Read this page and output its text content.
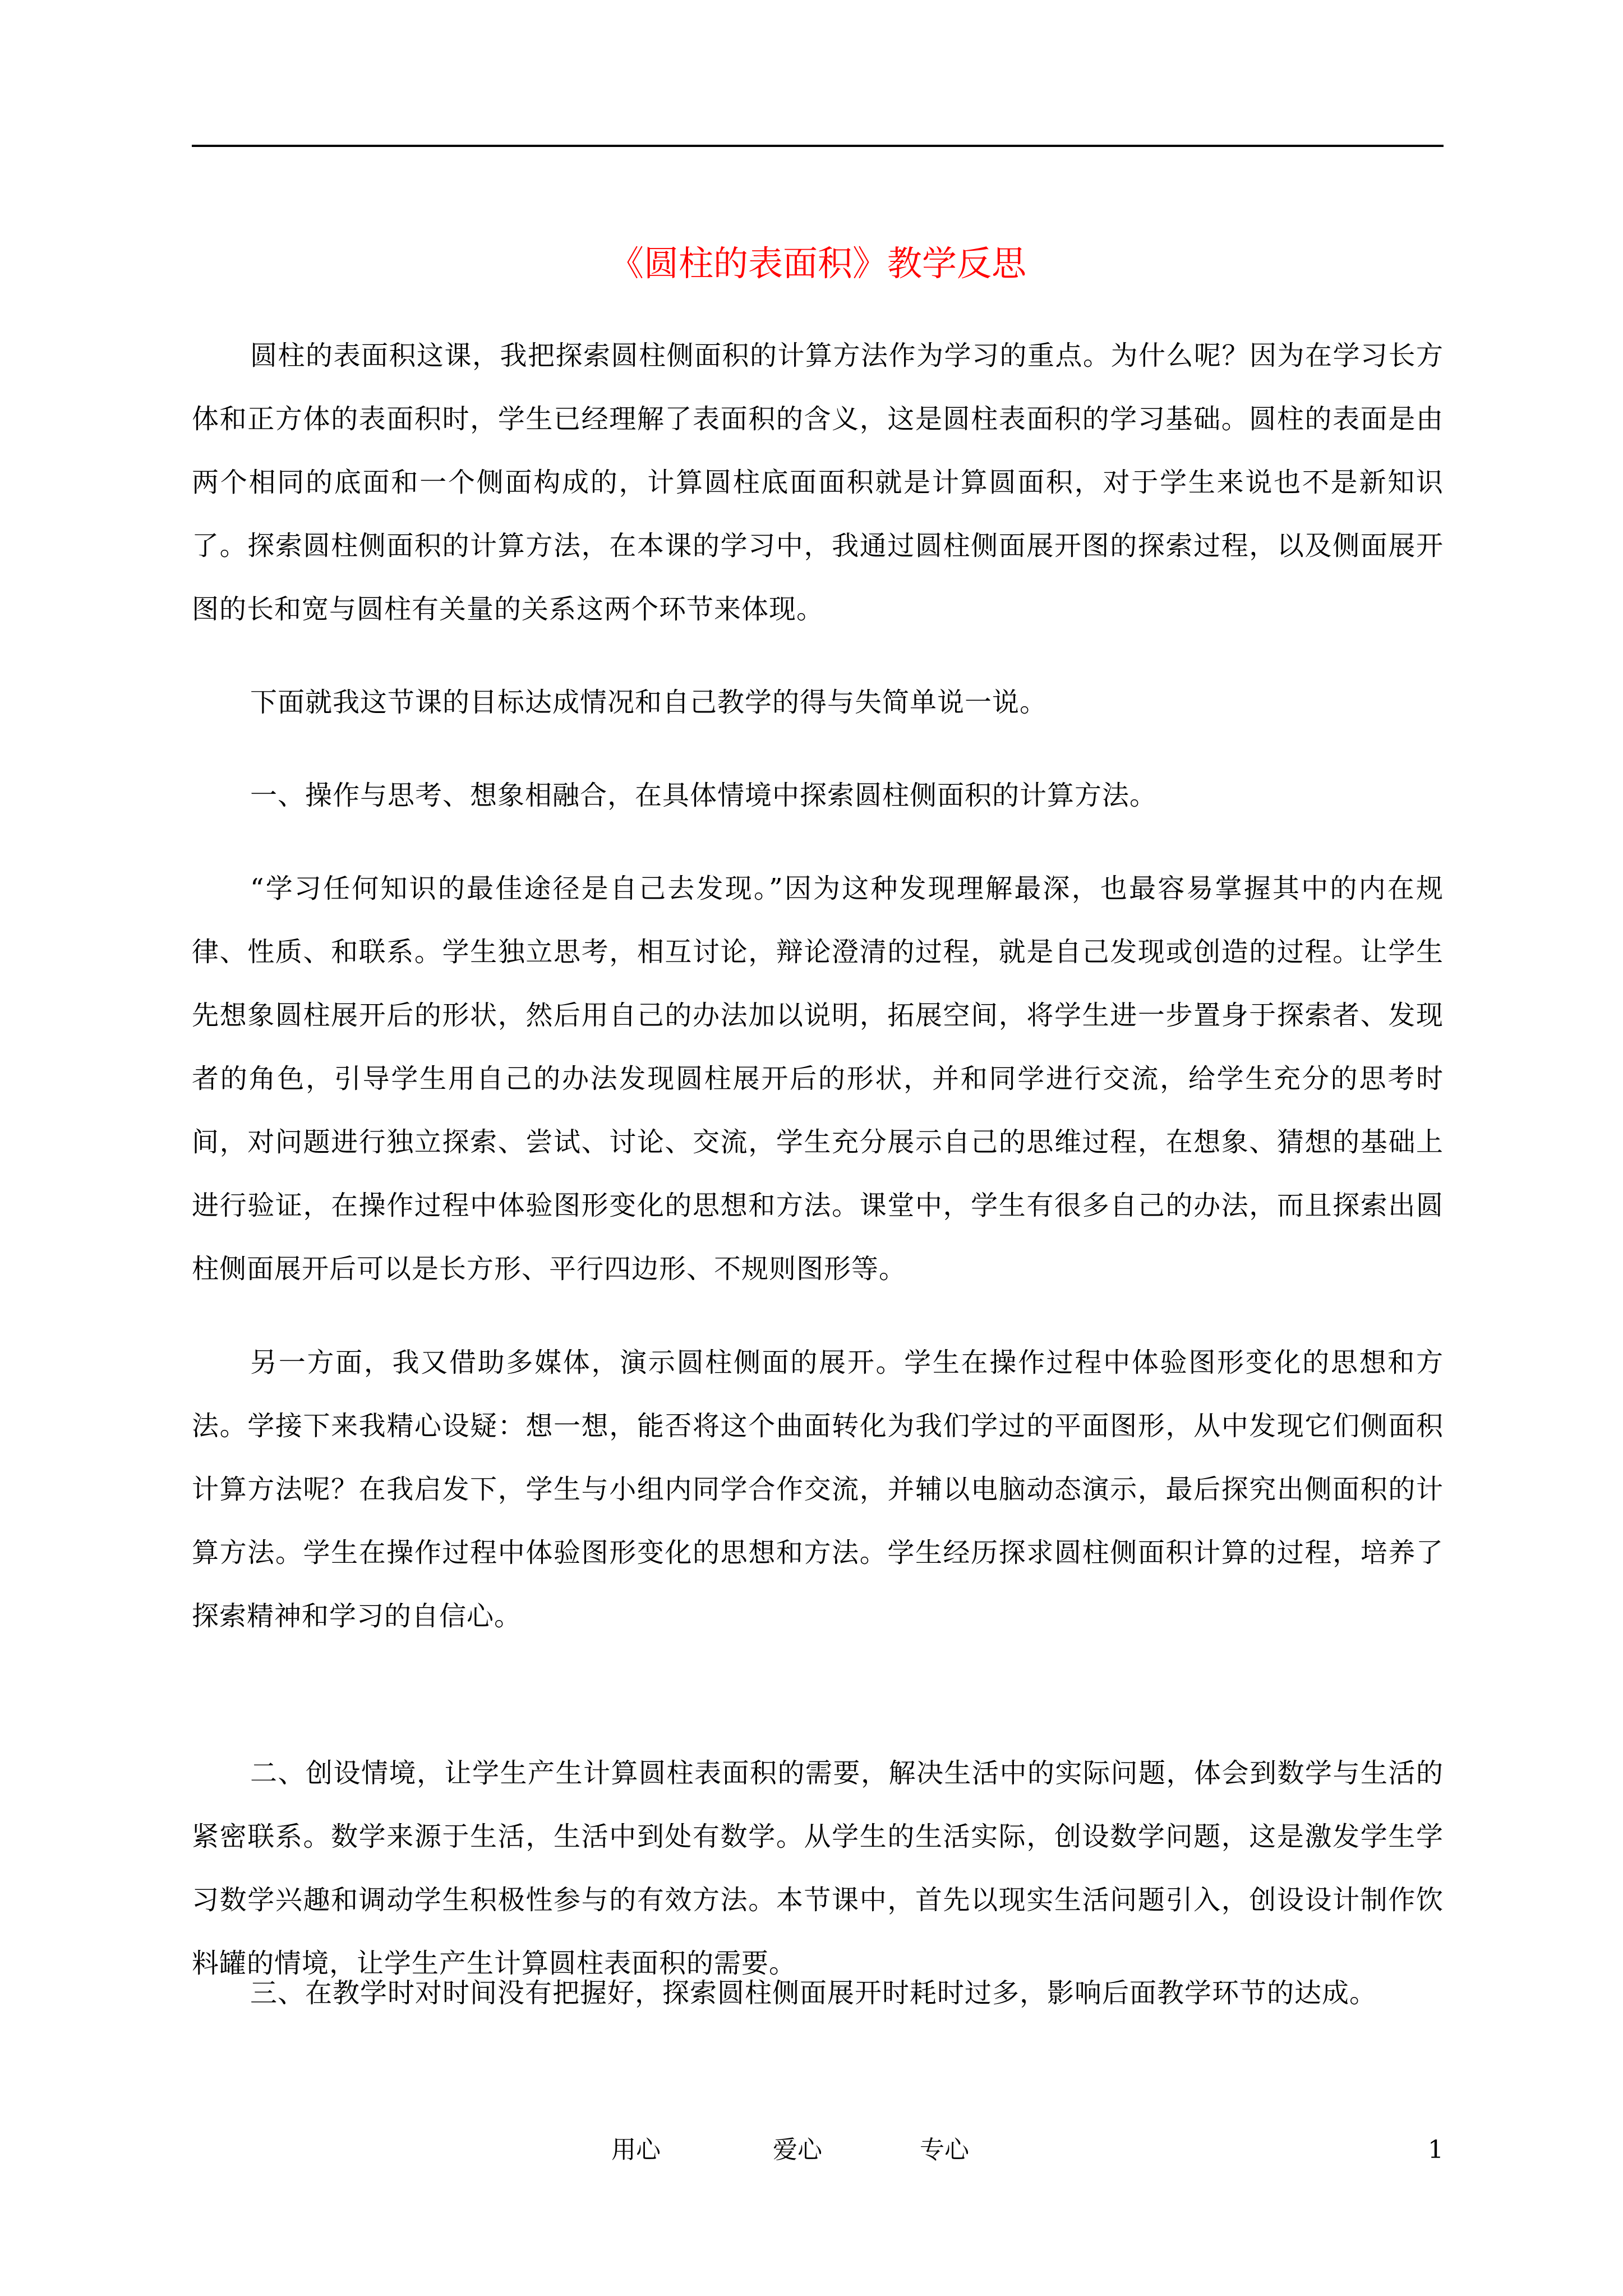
《圆柱的表面积》教学反思

圆柱的表面积这课，我把探索圆柱侧面积的计算方法作为学习的重点。为什么呢？因为在学习长方体和正方体的表面积时，学生已经理解了表面积的含义，这是圆柱表面积的学习基础。圆柱的表面是由两个相同的底面和一个侧面构成的，计算圆柱底面面积就是计算圆面积，对于学生来说也不是新知识了。探索圆柱侧面积的计算方法，在本课的学习中，我通过圆柱侧面展开图的探索过程，以及侧面展开图的长和宽与圆柱有关量的关系这两个环节来体现。

下面就我这节课的目标达成情况和自己教学的得与失简单说一说。

一、操作与思考、想象相融合，在具体情境中探索圆柱侧面积的计算方法。

“学习任何知识的最佳途径是自己去发现。”因为这种发现理解最深，也最容易掌握其中的内在规律、性质、和联系。学生独立思考，相互讨论，辩论澄清的过程，就是自己发现或创造的过程。让学生先想象圆柱展开后的形状，然后用自己的办法加以说明，拓展空间，将学生进一步置身于探索者、发现者的角色，引导学生用自己的办法发现圆柱展开后的形状，并和同学进行交流，给学生充分的思考时间，对问题进行独立探索、尝试、讨论、交流，学生充分展示自己的思维过程，在想象、猜想的基础上进行验证，在操作过程中体验图形变化的思想和方法。课堂中，学生有很多自己的办法，而且探索出圆柱侧面展开后可以是长方形、平行四边形、不规则图形等。

另一方面，我又借助多媒体，演示圆柱侧面的展开。学生在操作过程中体验图形变化的思想和方法。学接下来我精心设疑：想一想，能否将这个曲面转化为我们学过的平面图形，从中发现它们侧面积计算方法呢？在我启发下，学生与小组内同学合作交流，并辅以电脑动态演示，最后探究出侧面积的计算方法。学生在操作过程中体验图形变化的思想和方法。学生经历探求圆柱侧面积计算的过程，培养了探索精神和学习的自信心。

二、创设情境，让学生产生计算圆柱表面积的需要，解决生活中的实际问题，体会到数学与生活的紧密联系。数学来源于生活，生活中到处有数学。从学生的生活实际，创设数学问题，这是激发学生学习数学兴趣和调动学生积极性参与的有效方法。本节课中，首先以现实生活问题引入，创设设计制作饮料罐的情境，让学生产生计算圆柱表面积的需要。

三、在教学时对时间没有把握好，探索圆柱侧面展开时耗时过多，影响后面教学环节的达成。

用心	爱心	专心	1
